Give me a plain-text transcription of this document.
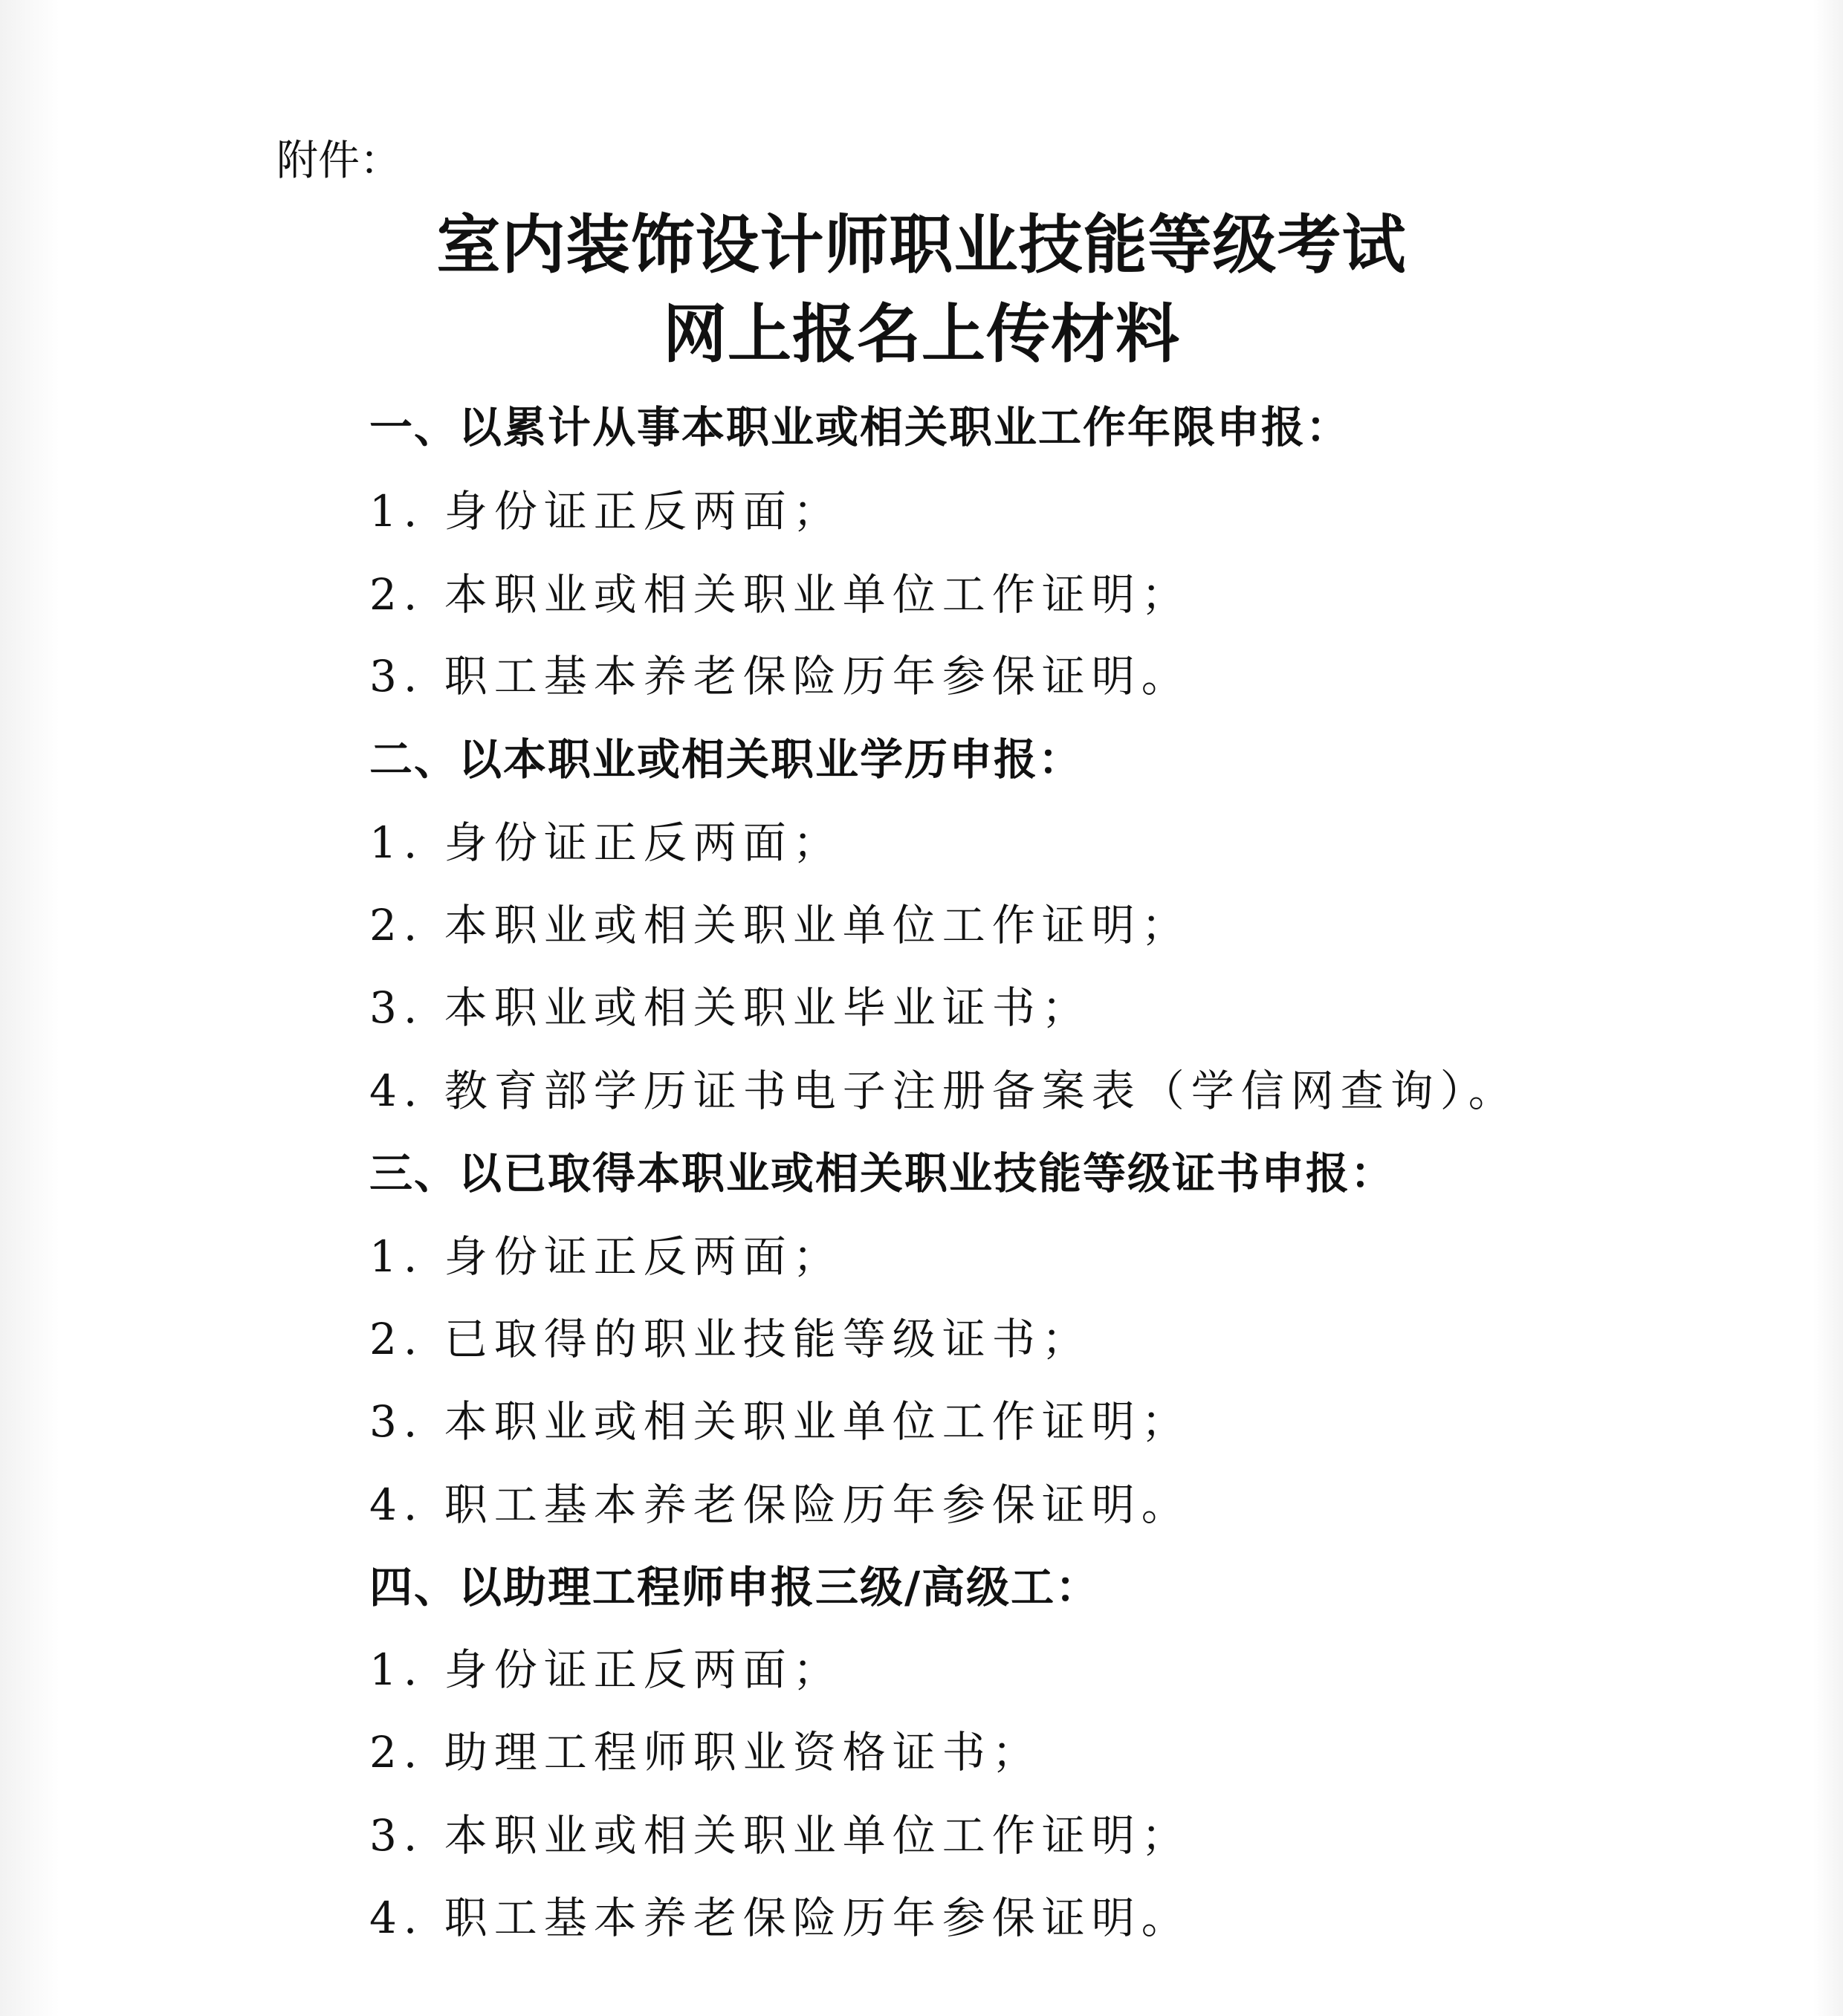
附件：
室内装饰设计师职业技能等级考试
网上报名上传材料
一、以累计从事本职业或相关职业工作年限申报：
1. 身份证正反两面；
2. 本职业或相关职业单位工作证明；
3. 职工基本养老保险历年参保证明。
二、以本职业或相关职业学历申报：
1. 身份证正反两面；
2. 本职业或相关职业单位工作证明；
3. 本职业或相关职业毕业证书；
4. 教育部学历证书电子注册备案表（学信网查询）。
三、以已取得本职业或相关职业技能等级证书申报：
1. 身份证正反两面；
2. 已取得的职业技能等级证书；
3. 本职业或相关职业单位工作证明；
4. 职工基本养老保险历年参保证明。
四、以助理工程师申报三级/高级工：
1. 身份证正反两面；
2. 助理工程师职业资格证书；
3. 本职业或相关职业单位工作证明；
4. 职工基本养老保险历年参保证明。
